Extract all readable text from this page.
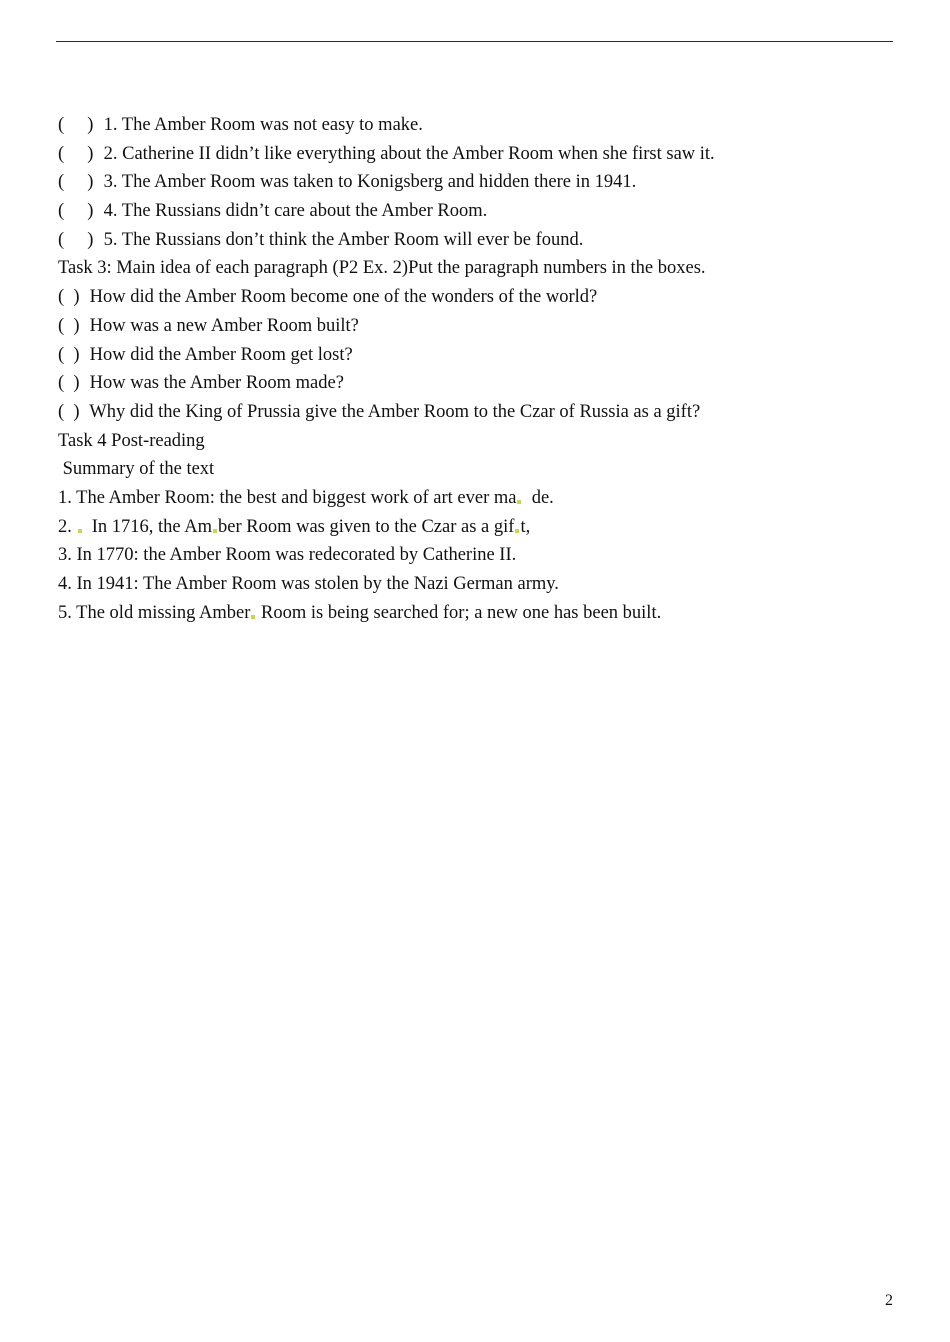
(     ) 1. The Amber Room was not easy to make.
(     ) 2. Catherine II didn’t like everything about the Amber Room when she first saw it.
(     ) 3. The Amber Room was taken to Konigsberg and hidden there in 1941.
(     ) 4. The Russians didn’t care about the Amber Room.
(     ) 5. The Russians don’t think the Amber Room will ever be found.
Task 3: Main idea of each paragraph (P2 Ex. 2)Put the paragraph numbers in the boxes.
(  ) How did the Amber Room become one of the wonders of the world?
(  ) How was a new Amber Room built?
(  ) How did the Amber Room get lost?
(  ) How was the Amber Room made?
(  ) Why did the King of Prussia give the Amber Room to the Czar of Russia as a gift?
Task 4 Post-reading
Summary of the text
1. The Amber Room: the best and biggest work of art ever ma  de.
2.   In 1716, the Am ber Room was given to the Czar as a gif t,
3. In 1770: the Amber Room was redecorated by Catherine II.
4. In 1941: The Amber Room was stolen by the Nazi German army.
5. The old missing Amber Room is being searched for; a new one has been built.
2
